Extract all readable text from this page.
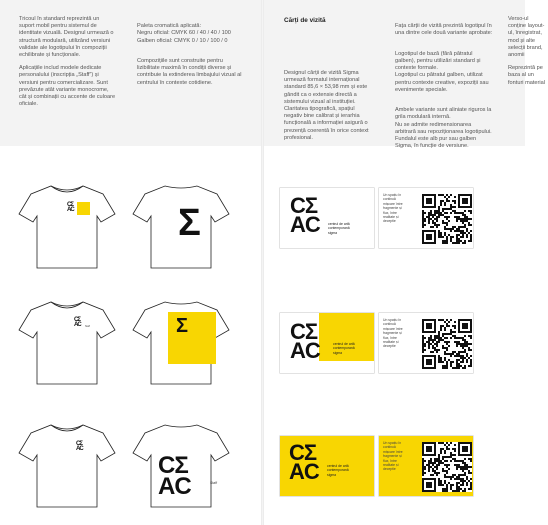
Tricoul în standard reprezintă un suport mobil pentru sistemul de identitate vizuală. Designul urmează o structură modulară, utilizând versiuni validate ale logotipului în compoziții echilibrate și funcționale.

Aplicațiile includ modele dedicate personalului (inscripția „Staff”) și versiuni pentru comercializare. Sunt prevăzute atât variante monocrome, cât și combinații cu accente de culoare oficiale.

Paleta cromatică aplicată:
Negru oficial: CMYK 60 / 40 / 40 / 100
Galben oficial: CMYK 0 / 10 / 100 / 0

Compozițiile sunt construite pentru lizibilitate maximă în condiții diverse și contribuie la extinderea limbajului vizual al centrului în contexte cotidiene.

CΣ
AC	Σ
CΣ
AC Staff	Σ
CΣ
AC
CΣ
AC	Staff
Cărți de vizită

Designul cărții de vizită Sigma urmează formatul internațional standard 85,6 × 53,98 mm și este gândit ca o extensie directă a sistemului vizual al instituției. Claritatea tipografică, spațiul negativ bine calibrat și ierarhia funcțională a informației asigură o prezență coerentă în orice context profesional.

Fața cărții de vizită prezintă logotipul în una dintre cele două variante aprobate:

Logotipul de bază (fără pătratul galben), pentru utilizări standard și contexte formale.
Logotipul cu pătratul galben, utilizat pentru contexte creative, expoziții sau evenimente speciale.

Ambele variante sunt aliniate riguros la grila modulară internă.
Nu se admite redimensionarea arbitrară sau repoziționarea logotipului. Fundalul este alb pur sau galben Sigma, în funcție de versiune.

Verso-ul conține layout-ul, înregistrat, mod și alte selecții brand, anomii

Reprezintă pe baza al un fonturi material

CΣ
AC centrul de artă contemporană sigma
Un spațiu în continuă mișcare între fragmente și flux, între realitate și deceptie
CΣ
AC	centrul de artă contemporană sigma
Un spațiu în continuă mișcare între fragmente și flux, între realitate și deceptie
CΣ
AC centrul de artă contemporană sigma
Un spațiu în continuă mișcare între fragmente și flux, între realitate și deceptie
